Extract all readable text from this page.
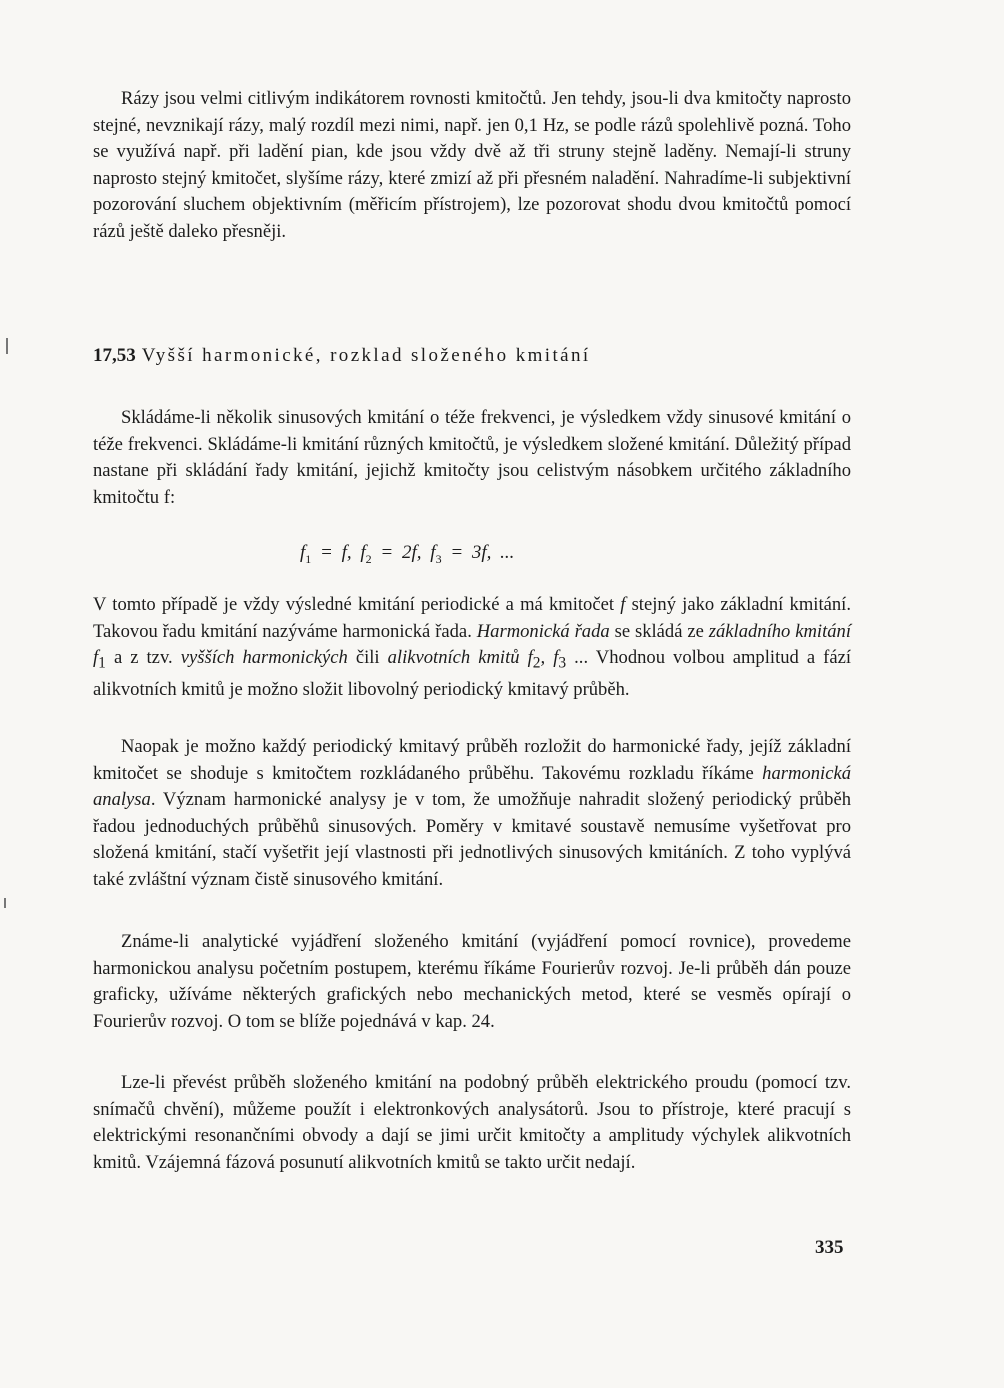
Rázy jsou velmi citlivým indikátorem rovnosti kmitočtů. Jen tehdy, jsou-li dva kmitočty naprosto stejné, nevznikají rázy, malý rozdíl mezi nimi, např. jen 0,1 Hz, se podle rázů spolehlivě pozná. Toho se využívá např. při ladění pian, kde jsou vždy dvě až tři struny stejně laděny. Nemají-li struny naprosto stejný kmitočet, slyšíme rázy, které zmizí až při přesném naladění. Nahradíme-li subjektivní pozorování sluchem objektivním (měřicím přístrojem), lze pozorovat shodu dvou kmitočtů pomocí rázů ještě daleko přesněji.

17,53 Vyšší harmonické, rozklad složeného kmitání

Skládáme-li několik sinusových kmitání o téže frekvenci, je výsledkem vždy sinusové kmitání o téže frekvenci. Skládáme-li kmitání různých kmitočtů, je výsledkem složené kmitání. Důležitý případ nastane při skládání řady kmitání, jejichž kmitočty jsou celistvým násobkem určitého základního kmitočtu f:

$f_1 = f$, $f_2 = 2f$, $f_3 = 3f$, ...

V tomto případě je vždy výsledné kmitání periodické a má kmitočet f stejný jako základní kmitání. Takovou řadu kmitání nazýváme harmonická řada. Harmonická řada se skládá ze základního kmitání $f_1$ a z tzv. vyšších harmonických čili alikvotních kmitů $f_2$, $f_3$ ... Vhodnou volbou amplitud a fází alikvotních kmitů je možno složit libovolný periodický kmitavý průběh.

Naopak je možno každý periodický kmitavý průběh rozložit do harmonické řady, jejíž základní kmitočet se shoduje s kmitočtem rozkládaného průběhu. Takovému rozkladu říkáme harmonická analysa. Význam harmonické analysy je v tom, že umožňuje nahradit složený periodický průběh řadou jednoduchých průběhů sinusových. Poměry v kmitavé soustavě nemusíme vyšetřovat pro složená kmitání, stačí vyšetřit její vlastnosti při jednotlivých sinusových kmitáních. Z toho vyplývá také zvláštní význam čistě sinusového kmitání.

Známe-li analytické vyjádření složeného kmitání (vyjádření pomocí rovnice), provedeme harmonickou analysu početním postupem, kterému říkáme Fourierův rozvoj. Je-li průběh dán pouze graficky, užíváme některých grafických nebo mechanických metod, které se vesměs opírají o Fourierův rozvoj. O tom se blíže pojednává v kap. 24.

Lze-li převést průběh složeného kmitání na podobný průběh elektrického proudu (pomocí tzv. snímačů chvění), můžeme použít i elektronkových analysátorů. Jsou to přístroje, které pracují s elektrickými resonančními obvody a dají se jimi určit kmitočty a amplitudy výchylek alikvotních kmitů. Vzájemná fázová posunutí alikvotních kmitů se takto určit nedají.

335
